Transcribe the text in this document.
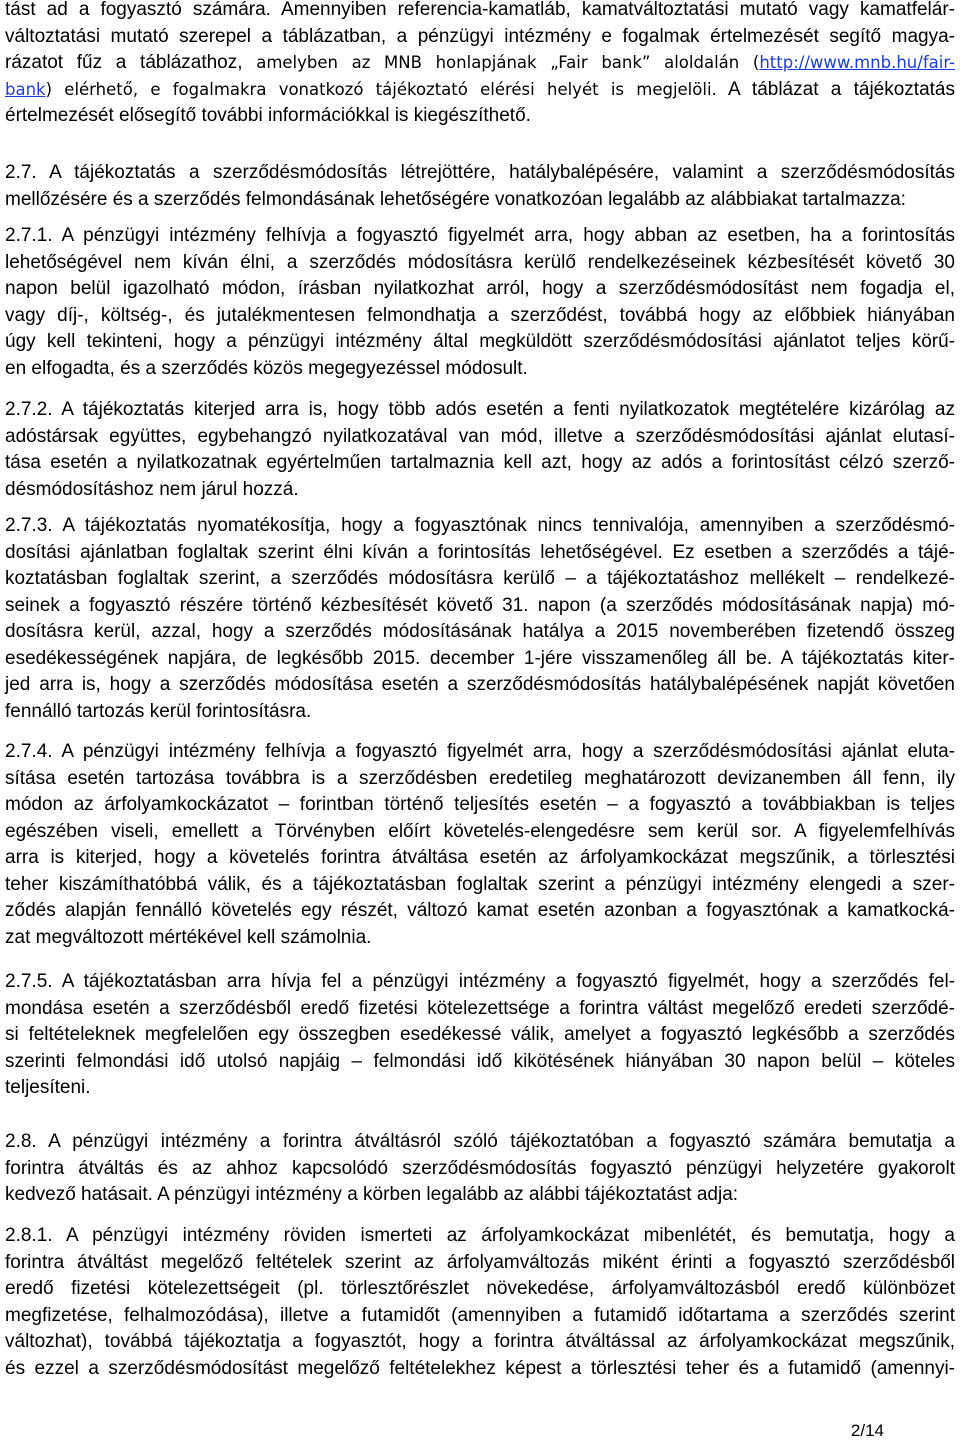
tást ad a fogyasztó számára. Amennyiben referencia-kamatláb, kamatváltoztatási mutató vagy kamatfelár-
változtatási mutató szerepel a táblázatban, a pénzügyi intézmény e fogalmak értelmezését segítő magya-
rázatot fűz a táblázathoz, amelyben az MNB honlapjának „Fair bank” aloldalán (http://www.mnb.hu/fair-
bank) elérhető, e fogalmakra vonatkozó tájékoztató elérési helyét is megjelöli. A táblázat a tájékoztatás
értelmezését elősegítő további információkkal is kiegészíthető.
2.7. A tájékoztatás a szerződésmódosítás létrejöttére, hatálybalépésére, valamint a szerződésmódosítás
mellőzésére és a szerződés felmondásának lehetőségére vonatkozóan legalább az alábbiakat tartalmazza:
2.7.1. A pénzügyi intézmény felhívja a fogyasztó figyelmét arra, hogy abban az esetben, ha a forintosítás
lehetőségével nem kíván élni, a szerződés módosításra kerülő rendelkezéseinek kézbesítését követő 30
napon belül igazolható módon, írásban nyilatkozhat arról, hogy a szerződésmódosítást nem fogadja el,
vagy díj-, költség-, és jutalékmentesen felmondhatja a szerződést, továbbá hogy az előbbiek hiányában
úgy kell tekinteni, hogy a pénzügyi intézmény által megküldött szerződésmódosítási ajánlatot teljes körű-
en elfogadta, és a szerződés közös megegyezéssel módosult.
2.7.2. A tájékoztatás kiterjed arra is, hogy több adós esetén a fenti nyilatkozatok megtételére kizárólag az
adóstársak együttes, egybehangzó nyilatkozatával van mód, illetve a szerződésmódosítási ajánlat elutasí-
tása esetén a nyilatkozatnak egyértelműen tartalmaznia kell azt, hogy az adós a forintosítást célzó szerző-
désmódosításhoz nem járul hozzá.
2.7.3. A tájékoztatás nyomatékosítja, hogy a fogyasztónak nincs tennivalója, amennyiben a szerződésmó-
dosítási ajánlatban foglaltak szerint élni kíván a forintosítás lehetőségével. Ez esetben a szerződés a tájé-
koztatásban foglaltak szerint, a szerződés módosításra kerülő – a tájékoztatáshoz mellékelt – rendelkezé-
seinek a fogyasztó részére történő kézbesítését követő 31. napon (a szerződés módosításának napja) mó-
dosításra kerül, azzal, hogy a szerződés módosításának hatálya a 2015 novemberében fizetendő összeg
esedékességének napjára, de legkésőbb 2015. december 1-jére visszamenőleg áll be. A tájékoztatás kiter-
jed arra is, hogy a szerződés módosítása esetén a szerződésmódosítás hatálybalépésének napját követően
fennálló tartozás kerül forintosításra.
2.7.4. A pénzügyi intézmény felhívja a fogyasztó figyelmét arra, hogy a szerződésmódosítási ajánlat eluta-
sítása esetén tartozása továbbra is a szerződésben eredetileg meghatározott devizanemben áll fenn, ily
módon az árfolyamkockázatot – forintban történő teljesítés esetén – a fogyasztó a továbbiakban is teljes
egészében viseli, emellett a Törvényben előírt követelés-elengedésre sem kerül sor. A figyelemfelhívás
arra is kiterjed, hogy a követelés forintra átváltása esetén az árfolyamkockázat megszűnik, a törlesztési
teher kiszámíthatóbbá válik, és a tájékoztatásban foglaltak szerint a pénzügyi intézmény elengedi a szer-
ződés alapján fennálló követelés egy részét, változó kamat esetén azonban a fogyasztónak a kamatkocká-
zat megváltozott mértékével kell számolnia.
2.7.5. A tájékoztatásban arra hívja fel a pénzügyi intézmény a fogyasztó figyelmét, hogy a szerződés fel-
mondása esetén a szerződésből eredő fizetési kötelezettsége a forintra váltást megelőző eredeti szerződé-
si feltételeknek megfelelően egy összegben esedékessé válik, amelyet a fogyasztó legkésőbb a szerződés
szerinti felmondási idő utolsó napjáig – felmondási idő kikötésének hiányában 30 napon belül – köteles
teljesíteni.
2.8. A pénzügyi intézmény a forintra átváltásról szóló tájékoztatóban a fogyasztó számára bemutatja a
forintra átváltás és az ahhoz kapcsolódó szerződésmódosítás fogyasztó pénzügyi helyzetére gyakorolt
kedvező hatásait. A pénzügyi intézmény a körben legalább az alábbi tájékoztatást adja:
2.8.1. A pénzügyi intézmény röviden ismerteti az árfolyamkockázat mibenlétét, és bemutatja, hogy a
forintra átváltást megelőző feltételek szerint az árfolyamváltozás miként érinti a fogyasztó szerződésből
eredő fizetési kötelezettségeit (pl. törlesztőrészlet növekedése, árfolyamváltozásból eredő különbözet
megfizetése, felhalmozódása), illetve a futamidőt (amennyiben a futamidő időtartama a szerződés szerint
változhat), továbbá tájékoztatja a fogyasztót, hogy a forintra átváltással az árfolyamkockázat megszűnik,
és ezzel a szerződésmódosítást megelőző feltételekhez képest a törlesztési teher és a futamidő (amennyi-
2/14
